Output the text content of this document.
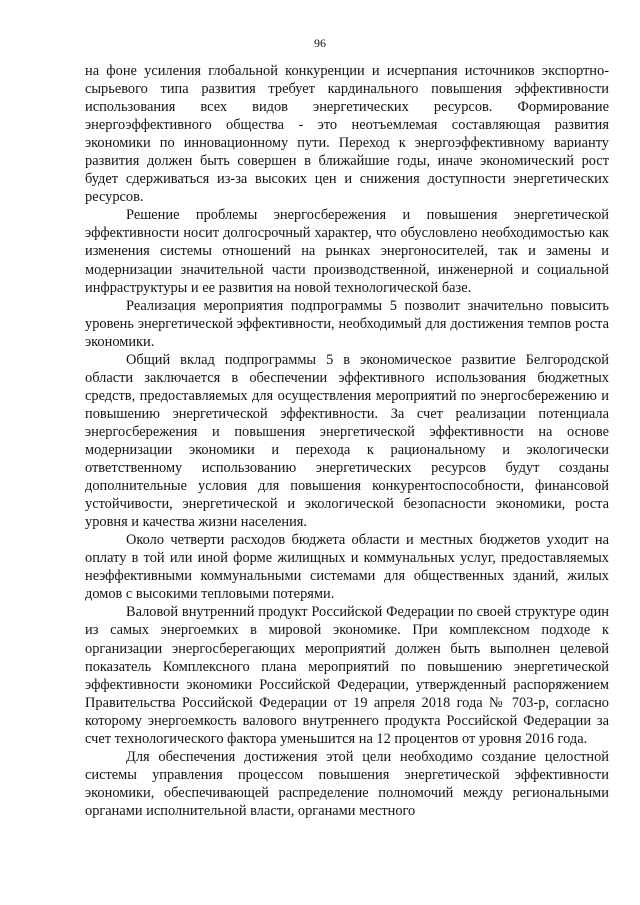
96

на фоне усиления глобальной конкуренции и исчерпания источников экспортно-сырьевого типа развития требует кардинального повышения эффективности использования всех видов энергетических ресурсов. Формирование энергоэффективного общества - это неотъемлемая составляющая развития экономики по инновационному пути. Переход к энергоэффективному варианту развития должен быть совершен в ближайшие годы, иначе экономический рост будет сдерживаться из-за высоких цен и снижения доступности энергетических ресурсов.

Решение проблемы энергосбережения и повышения энергетической эффективности носит долгосрочный характер, что обусловлено необходимостью как изменения системы отношений на рынках энергоносителей, так и замены и модернизации значительной части производственной, инженерной и социальной инфраструктуры и ее развития на новой технологической базе.

Реализация мероприятия подпрограммы 5 позволит значительно повысить уровень энергетической эффективности, необходимый для достижения темпов роста экономики.

Общий вклад подпрограммы 5 в экономическое развитие Белгородской области заключается в обеспечении эффективного использования бюджетных средств, предоставляемых для осуществления мероприятий по энергосбережению и повышению энергетической эффективности. За счет реализации потенциала энергосбережения и повышения энергетической эффективности на основе модернизации экономики и перехода к рациональному и экологически ответственному использованию энергетических ресурсов будут созданы дополнительные условия для повышения конкурентоспособности, финансовой устойчивости, энергетической и экологической безопасности экономики, роста уровня и качества жизни населения.

Около четверти расходов бюджета области и местных бюджетов уходит на оплату в той или иной форме жилищных и коммунальных услуг, предоставляемых неэффективными коммунальными системами для общественных зданий, жилых домов с высокими тепловыми потерями.

Валовой внутренний продукт Российской Федерации по своей структуре один из самых энергоемких в мировой экономике. При комплексном подходе к организации энергосберегающих мероприятий должен быть выполнен целевой показатель Комплексного плана мероприятий по повышению энергетической эффективности экономики Российской Федерации, утвержденный распоряжением Правительства Российской Федерации от 19 апреля 2018 года № 703-р, согласно которому энергоемкость валового внутреннего продукта Российской Федерации за счет технологического фактора уменьшится на 12 процентов от уровня 2016 года.

Для обеспечения достижения этой цели необходимо создание целостной системы управления процессом повышения энергетической эффективности экономики, обеспечивающей распределение полномочий между региональными органами исполнительной власти, органами местного
